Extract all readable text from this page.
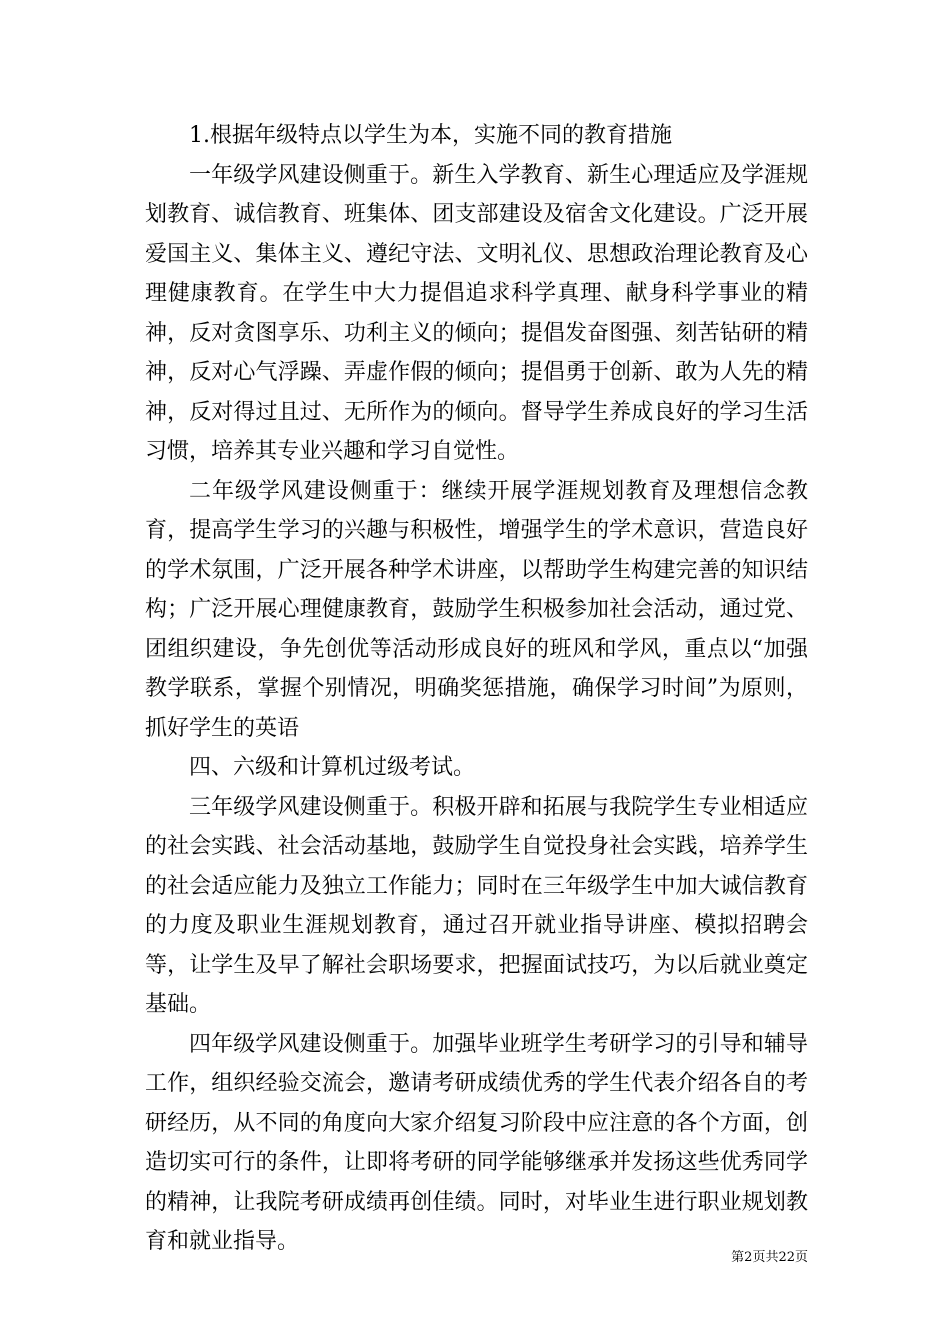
1.根据年级特点以学生为本，实施不同的教育措施

一年级学风建设侧重于。新生入学教育、新生心理适应及学涯规划教育、诚信教育、班集体、团支部建设及宿舍文化建设。广泛开展爱国主义、集体主义、遵纪守法、文明礼仪、思想政治理论教育及心理健康教育。在学生中大力提倡追求科学真理、献身科学事业的精神，反对贪图享乐、功利主义的倾向；提倡发奋图强、刻苦钻研的精神，反对心气浮躁、弄虚作假的倾向；提倡勇于创新、敢为人先的精神，反对得过且过、无所作为的倾向。督导学生养成良好的学习生活习惯，培养其专业兴趣和学习自觉性。

二年级学风建设侧重于：继续开展学涯规划教育及理想信念教育，提高学生学习的兴趣与积极性，增强学生的学术意识，营造良好的学术氛围，广泛开展各种学术讲座，以帮助学生构建完善的知识结构；广泛开展心理健康教育，鼓励学生积极参加社会活动，通过党、团组织建设，争先创优等活动形成良好的班风和学风，重点以“加强教学联系，掌握个别情况，明确奖惩措施，确保学习时间”为原则，抓好学生的英语

四、六级和计算机过级考试。

三年级学风建设侧重于。积极开辟和拓展与我院学生专业相适应的社会实践、社会活动基地，鼓励学生自觉投身社会实践，培养学生的社会适应能力及独立工作能力；同时在三年级学生中加大诚信教育的力度及职业生涯规划教育，通过召开就业指导讲座、模拟招聘会等，让学生及早了解社会职场要求，把握面试技巧，为以后就业奠定基础。

四年级学风建设侧重于。加强毕业班学生考研学习的引导和辅导工作，组织经验交流会，邀请考研成绩优秀的学生代表介绍各自的考研经历，从不同的角度向大家介绍复习阶段中应注意的各个方面，创造切实可行的条件，让即将考研的同学能够继承并发扬这些优秀同学的精神，让我院考研成绩再创佳绩。同时，对毕业生进行职业规划教育和就业指导。

第2页共22页
